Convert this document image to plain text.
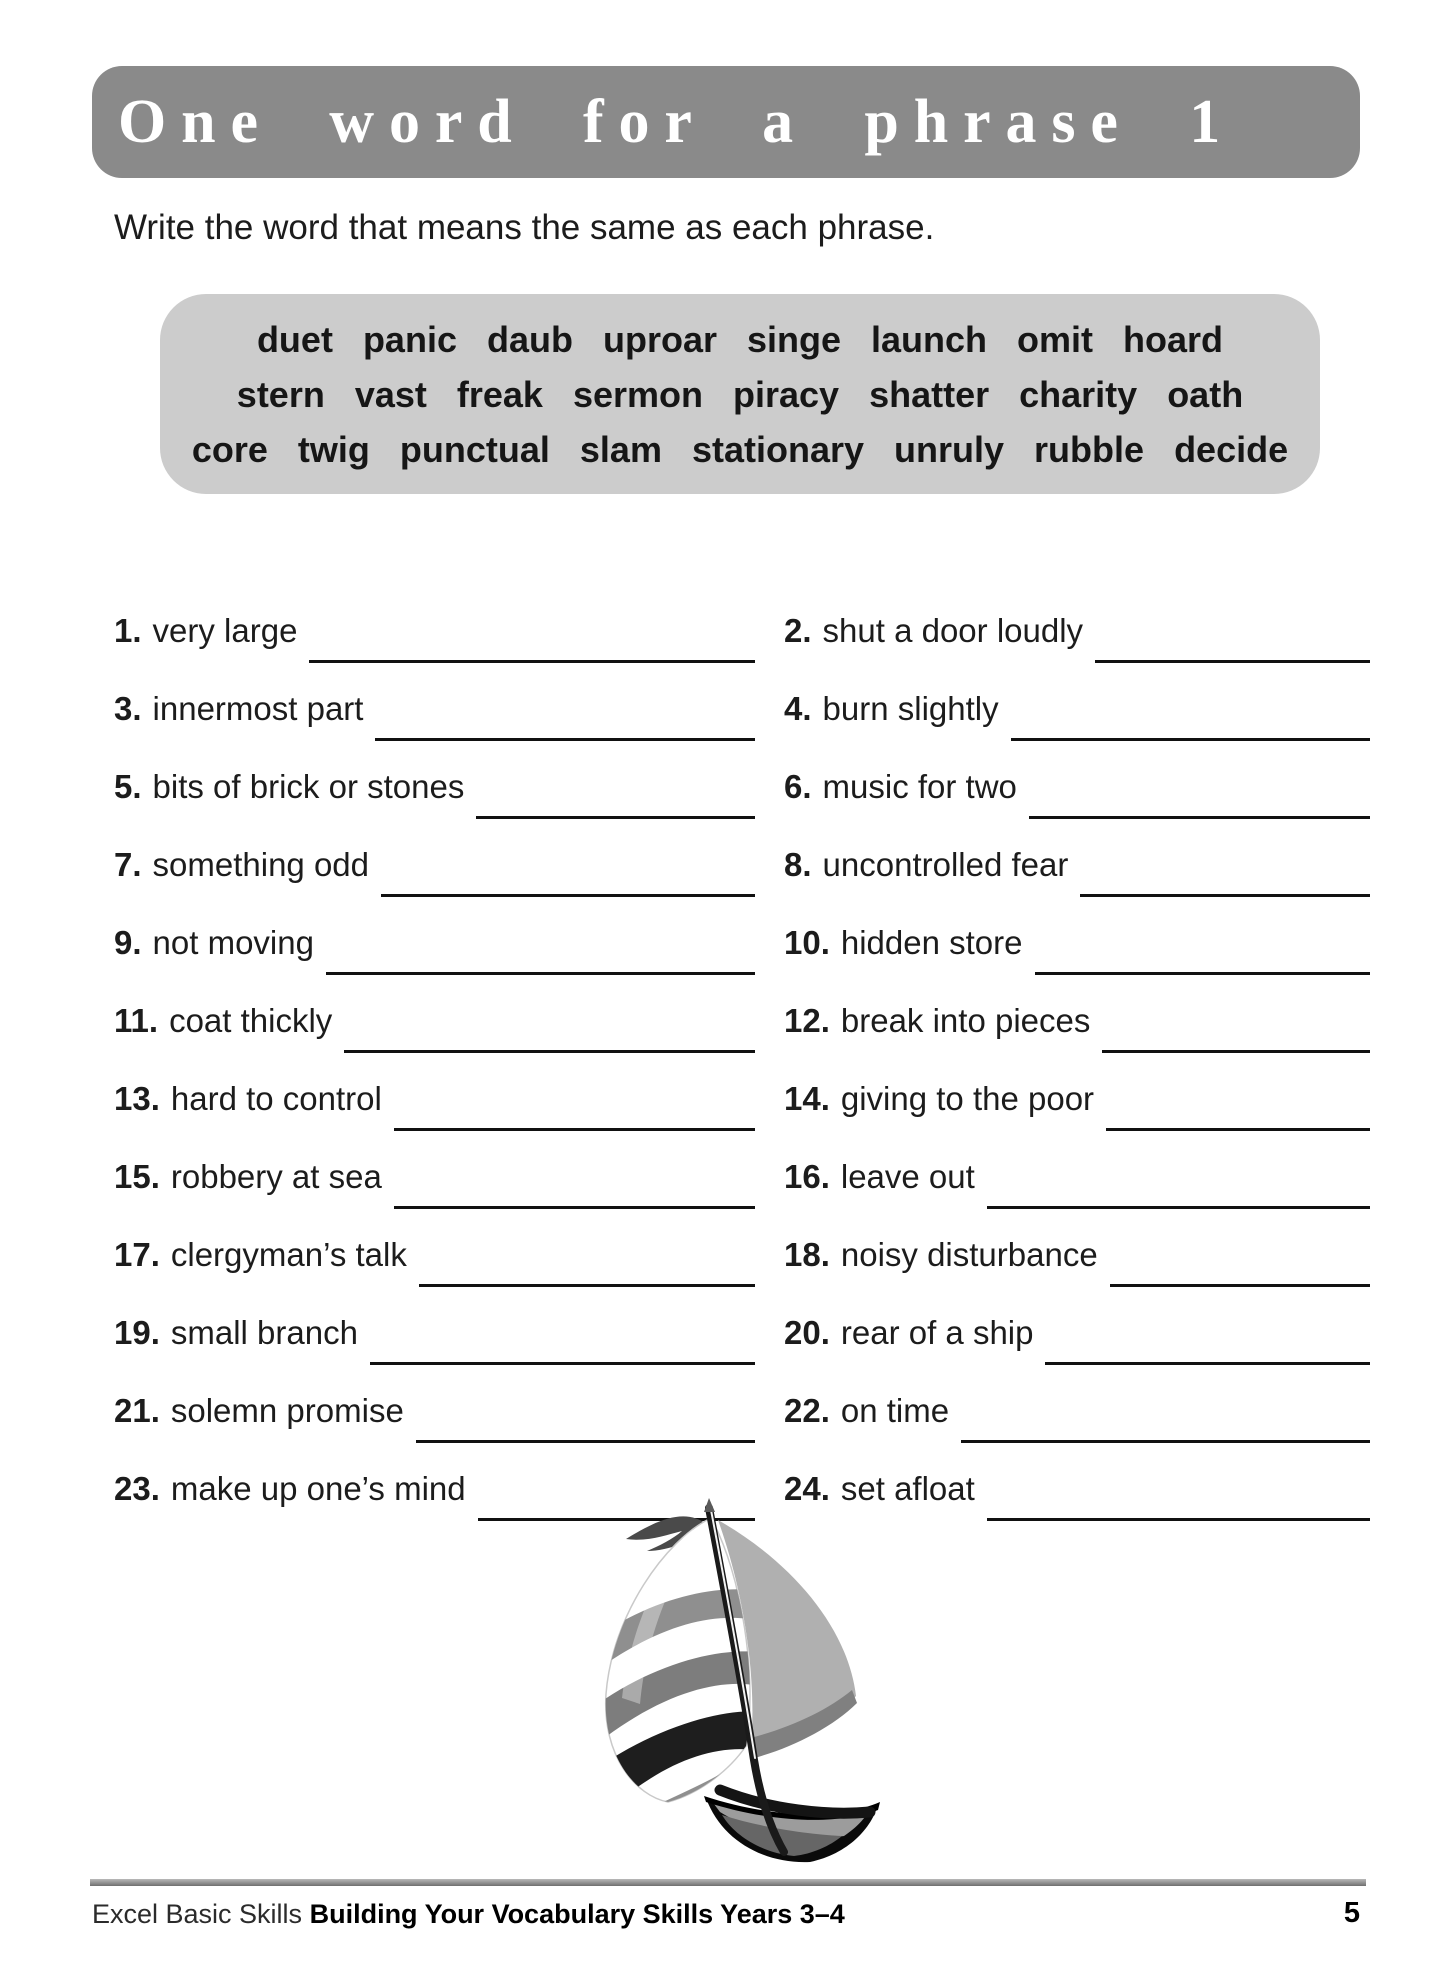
One word for a phrase 1
Write the word that means the same as each phrase.
duet panic daub uproar singe launch omit hoard
stern vast freak sermon piracy shatter charity oath
core twig punctual slam stationary unruly rubble decide
1. very large
3. innermost part
5. bits of brick or stones
7. something odd
9. not moving
11. coat thickly
13. hard to control
15. robbery at sea
17. clergyman’s talk
19. small branch
21. solemn promise
23. make up one’s mind
2. shut a door loudly
4. burn slightly
6. music for two
8. uncontrolled fear
10. hidden store
12. break into pieces
14. giving to the poor
16. leave out
18. noisy disturbance
20. rear of a ship
22. on time
24. set afloat
Excel Basic Skills Building Your Vocabulary Skills Years 3–4	5
